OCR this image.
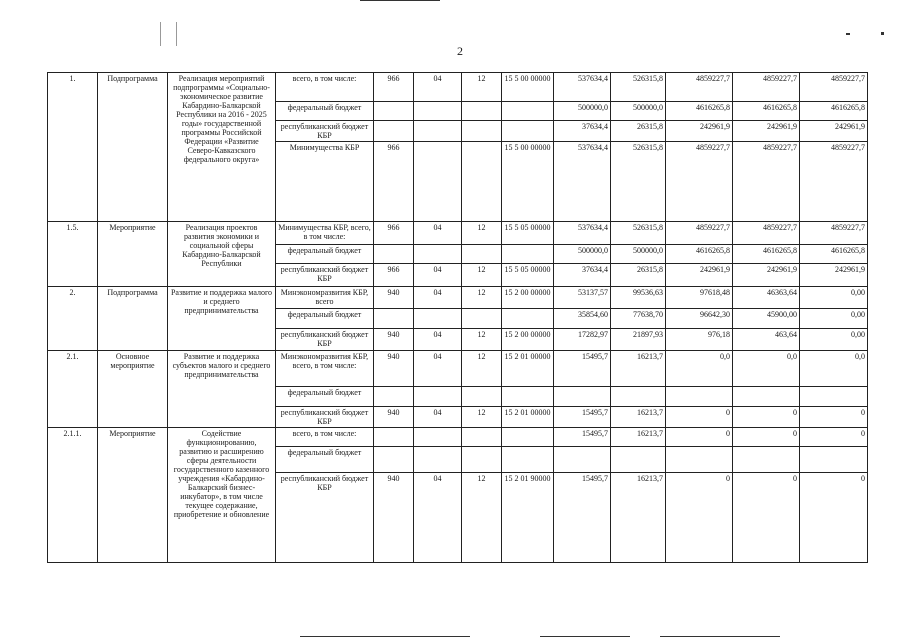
2
1.	Подпрограмма	Реализация мероприятий подпрограммы «Социально-экономическое развитие Кабардино-Балкарской Республики на 2016 - 2025 годы» государственной программы Российской Федерации «Развитие Северо-Кавказского федерального округа»	всего, в том числе:	966	04	12	15 5 00 00000	537634,4	526315,8	4859227,7	4859227,7	4859227,7
			федеральный бюджет					500000,0	500000,0	4616265,8	4616265,8	4616265,8
			республиканский бюджет КБР					37634,4	26315,8	242961,9	242961,9	242961,9
			Минимущества КБР	966			15 5 00 00000	537634,4	526315,8	4859227,7	4859227,7	4859227,7
1.5.	Мероприятие	Реализация проектов развития экономики и социальной сферы Кабардино-Балкарской Республики	Минимущества КБР, всего, в том числе:	966	04	12	15 5 05 00000	537634,4	526315,8	4859227,7	4859227,7	4859227,7
			федеральный бюджет					500000,0	500000,0	4616265,8	4616265,8	4616265,8
			республиканский бюджет КБР	966	04	12	15 5 05 00000	37634,4	26315,8	242961,9	242961,9	242961,9
2.	Подпрограмма	Развитие и поддержка малого и среднего предпринимательства	Минэкономразвития КБР, всего	940	04	12	15 2 00 00000	53137,57	99536,63	97618,48	46363,64	0,00
			федеральный бюджет					35854,60	77638,70	96642,30	45900,00	0,00
			республиканский бюджет КБР	940	04	12	15 2 00 00000	17282,97	21897,93	976,18	463,64	0,00
2.1.	Основное мероприятие	Развитие и поддержка субъектов малого и среднего предпринимательства	Минэкономразвития КБР, всего, в том числе:	940	04	12	15 2 01 00000	15495,7	16213,7	0,0	0,0	0,0
			федеральный бюджет									
			республиканский бюджет КБР	940	04	12	15 2 01 00000	15495,7	16213,7	0	0	0
2.1.1.	Мероприятие	Содействие функционированию, развитию и расширению сферы деятельности государственного казенного учреждения «Кабардино-Балкарский бизнес-инкубатор», в том числе текущее содержание, приобретение и обновление	всего, в том числе:					15495,7	16213,7	0	0	0
			федеральный бюджет									
			республиканский бюджет КБР	940	04	12	15 2 01 90000	15495,7	16213,7	0	0	0
